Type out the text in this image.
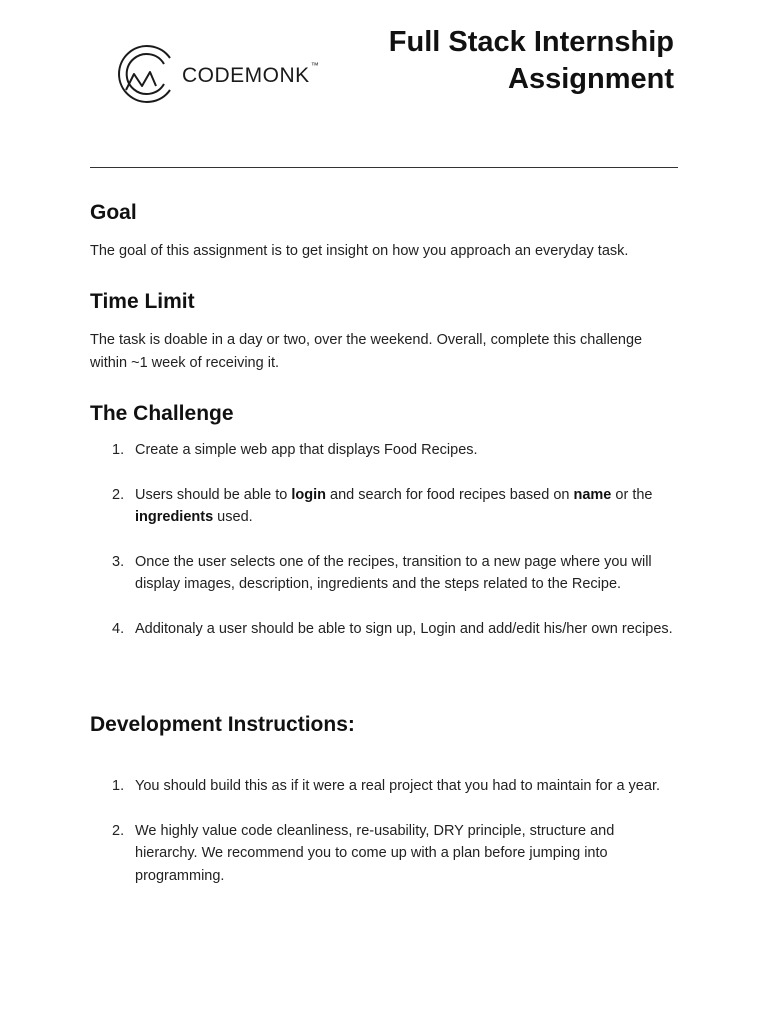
CODEMONK™
Full Stack Internship Assignment
Goal

The goal of this assignment is to get insight on how you approach an everyday task.

Time Limit

The task is doable in a day or two, over the weekend. Overall, complete this challenge within ~1 week of receiving it.

The Challenge
1. Create a simple web app that displays Food Recipes.
2. Users should be able to login and search for food recipes based on name or the ingredients used.
3. Once the user selects one of the recipes, transition to a new page where you will display images, description, ingredients and the steps related to the Recipe.
4. Additonaly a user should be able to sign up, Login and add/edit his/her own recipes.
Development Instructions:
1. You should build this as if it were a real project that you had to maintain for a year.
2. We highly value code cleanliness, re-usability, DRY principle, structure and hierarchy. We recommend you to come up with a plan before jumping into programming.
